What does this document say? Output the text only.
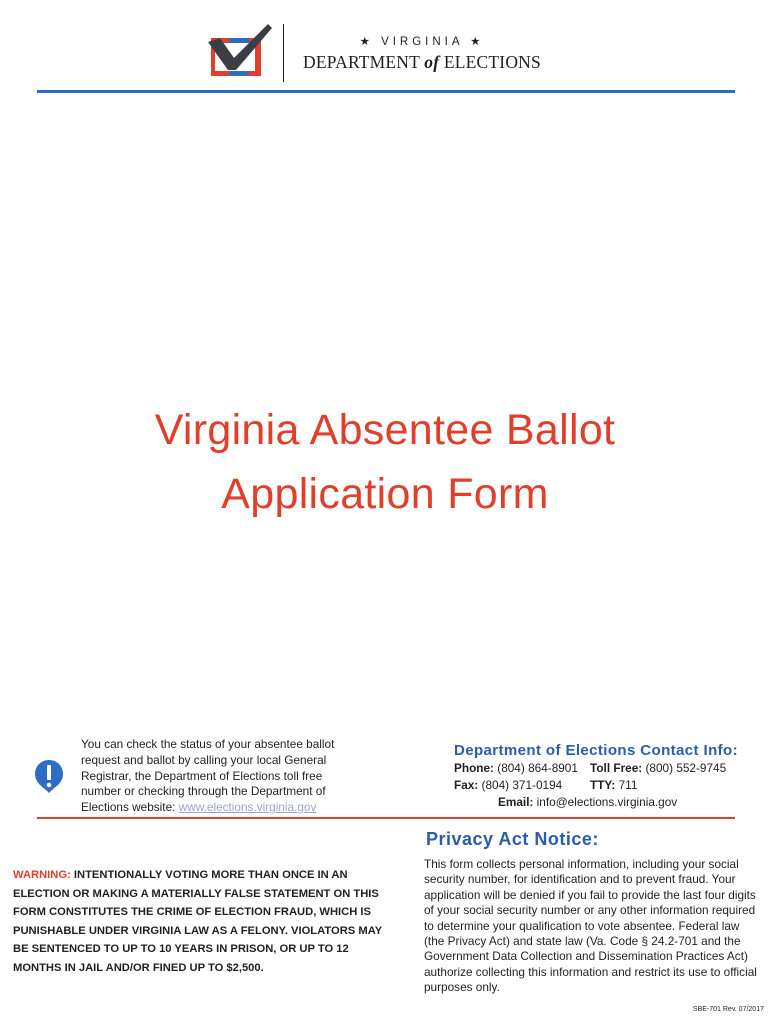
★ VIRGINIA ★
DEPARTMENT of ELECTIONS
Virginia Absentee Ballot
Application Form
You can check the status of your absentee ballot request and ballot by calling your local General Registrar, the Department of Elections toll free number or checking through the Department of Elections website: www.elections.virginia.gov
Department of Elections Contact Info:
Phone: (804) 864-8901 Toll Free: (800) 552-9745
Fax: (804) 371-0194 TTY: 711
Email: info@elections.virginia.gov
WARNING: INTENTIONALLY VOTING MORE THAN ONCE IN AN ELECTION OR MAKING A MATERIALLY FALSE STATEMENT ON THIS FORM CONSTITUTES THE CRIME OF ELECTION FRAUD, WHICH IS PUNISHABLE UNDER VIRGINIA LAW AS A FELONY. VIOLATORS MAY BE SENTENCED TO UP TO 10 YEARS IN PRISON, OR UP TO 12 MONTHS IN JAIL AND/OR FINED UP TO $2,500.
Privacy Act Notice:
This form collects personal information, including your social security number, for identification and to prevent fraud. Your application will be denied if you fail to provide the last four digits of your social security number or any other information required to determine your qualification to vote absentee. Federal law (the Privacy Act) and state law (Va. Code § 24.2-701 and the Government Data Collection and Dissemination Practices Act) authorize collecting this information and restrict its use to official purposes only.
SBE-701 Rev. 07/2017
